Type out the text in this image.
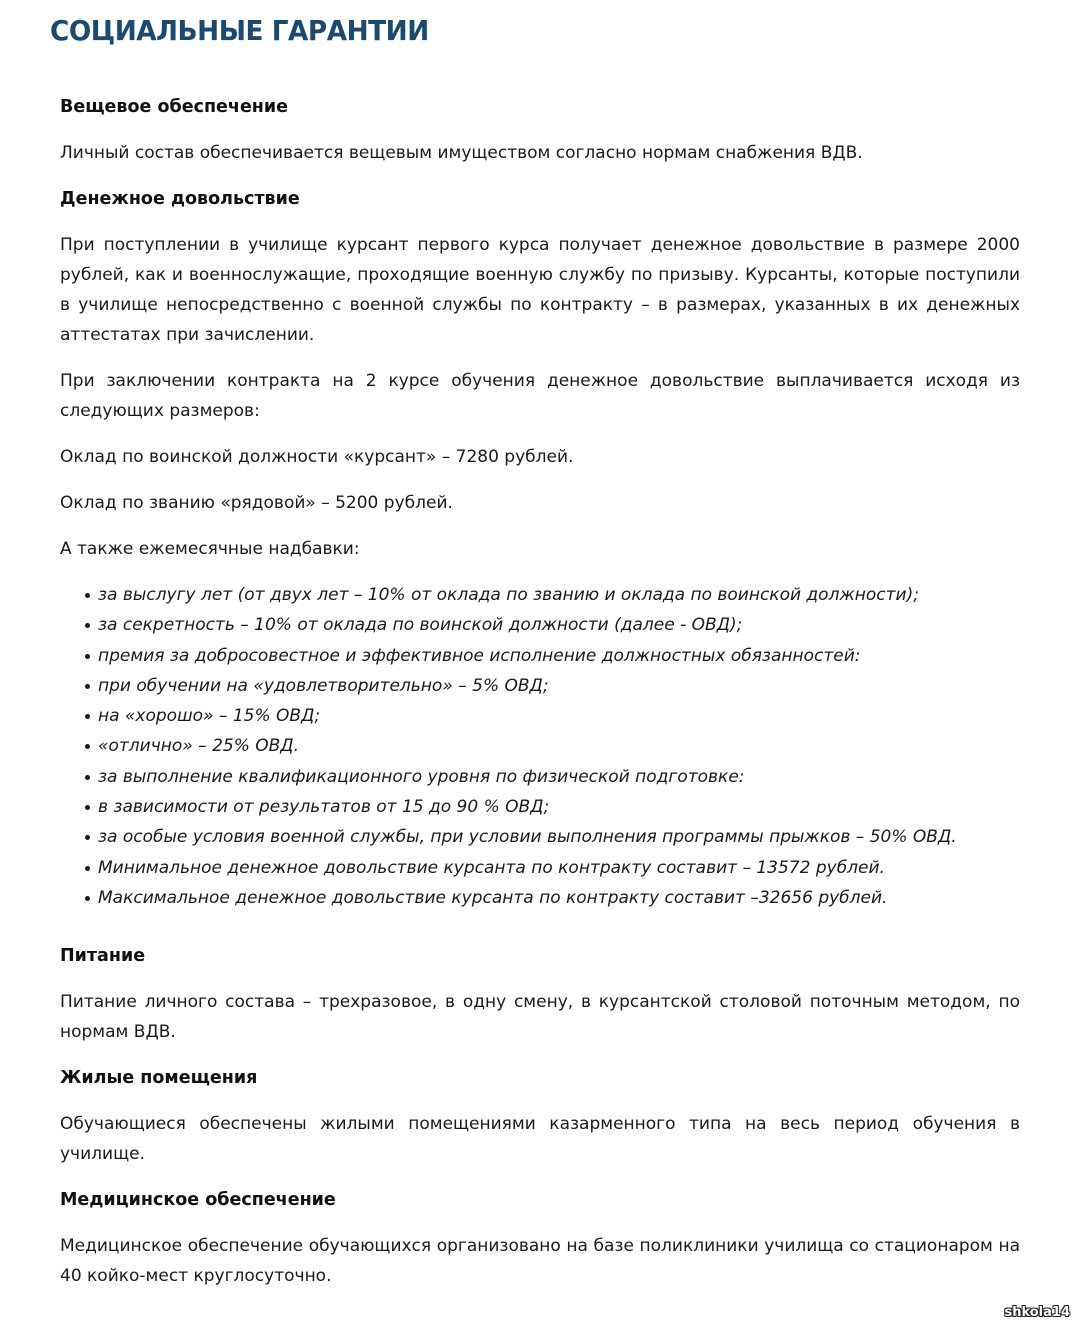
СОЦИАЛЬНЫЕ ГАРАНТИИ
Вещевое обеспечение

Личный состав обеспечивается вещевым имуществом согласно нормам снабжения ВДВ.

Денежное довольствие

При поступлении в училище курсант первого курса получает денежное довольствие в размере 2000 рублей, как и военнослужащие, проходящие военную службу по призыву. Курсанты, которые поступили в училище непосредственно с военной службы по контракту – в размерах, указанных в их денежных аттестатах при зачислении.

При заключении контракта на 2 курсе обучения денежное довольствие выплачивается исходя из следующих размеров:

Оклад по воинской должности «курсант» – 7280 рублей.

Оклад по званию «рядовой» – 5200 рублей.

А также ежемесячные надбавки:

за выслугу лет (от двух лет – 10% от оклада по званию и оклада по воинской должности);
за секретность – 10% от оклада по воинской должности (далее - ОВД);
премия за добросовестное и эффективное исполнение должностных обязанностей:
при обучении на «удовлетворительно» – 5% ОВД;
на «хорошо» – 15% ОВД;
«отлично» – 25% ОВД.
за выполнение квалификационного уровня по физической подготовке:
в зависимости от результатов от 15 до 90 % ОВД;
за особые условия военной службы, при условии выполнения программы прыжков – 50% ОВД.
Минимальное денежное довольствие курсанта по контракту составит – 13572 рублей.
Максимальное денежное довольствие курсанта по контракту составит –32656 рублей.
Питание

Питание личного состава – трехразовое, в одну смену, в курсантской столовой поточным методом, по нормам ВДВ.

Жилые помещения

Обучающиеся обеспечены жилыми помещениями казарменного типа на весь период обучения в училище.

Медицинское обеспечение

Медицинское обеспечение обучающихся организовано на базе поликлиники училища со стационаром на 40 койко-мест круглосуточно.

shkola14
